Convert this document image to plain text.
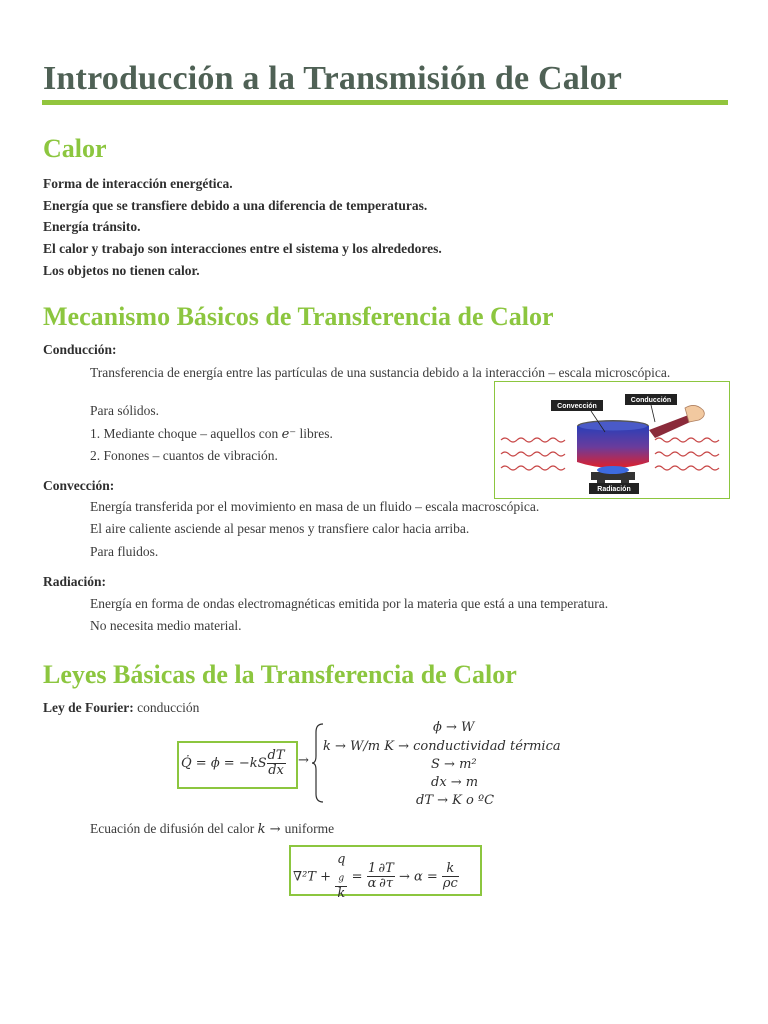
Introducción a la Transmisión de Calor
Calor
Forma de interacción energética.
Energía que se transfiere debido a una diferencia de temperaturas.
Energía tránsito.
El calor y trabajo son interacciones entre el sistema y los alrededores.
Los objetos no tienen calor.
Mecanismo Básicos de Transferencia de Calor
Conducción:
Transferencia de energía entre las partículas de una sustancia debido a la interacción – escala microscópica.
Para sólidos.
1. Mediante choque – aquellos con e⁻ libres.
2. Fonones – cuantos de vibración.
Convección
Conducción
Radiación
Convección:
Energía transferida por el movimiento en masa de un fluido – escala macroscópica.
El aire caliente asciende al pesar menos y transfiere calor hacia arriba.
Para fluidos.
Radiación:
Energía en forma de ondas electromagnéticas emitida por la materia que está a una temperatura.
No necesita medio material.
Leyes Básicas de la Transferencia de Calor
Ley de Fourier: conducción
Q̇ = $\phi = -kS \frac{dT}{dx}$ →
ϕ → W
k → W/m K → conductividad térmica
S → m²
dx → m
dT → K o ºC
Ecuación de difusión del calor k → uniforme
∇²T + q
$_g$
$k = \frac{1}{\alpha} \frac{\partial T}{\partial\tau} \to \alpha = \frac{k}{\rho c}$
